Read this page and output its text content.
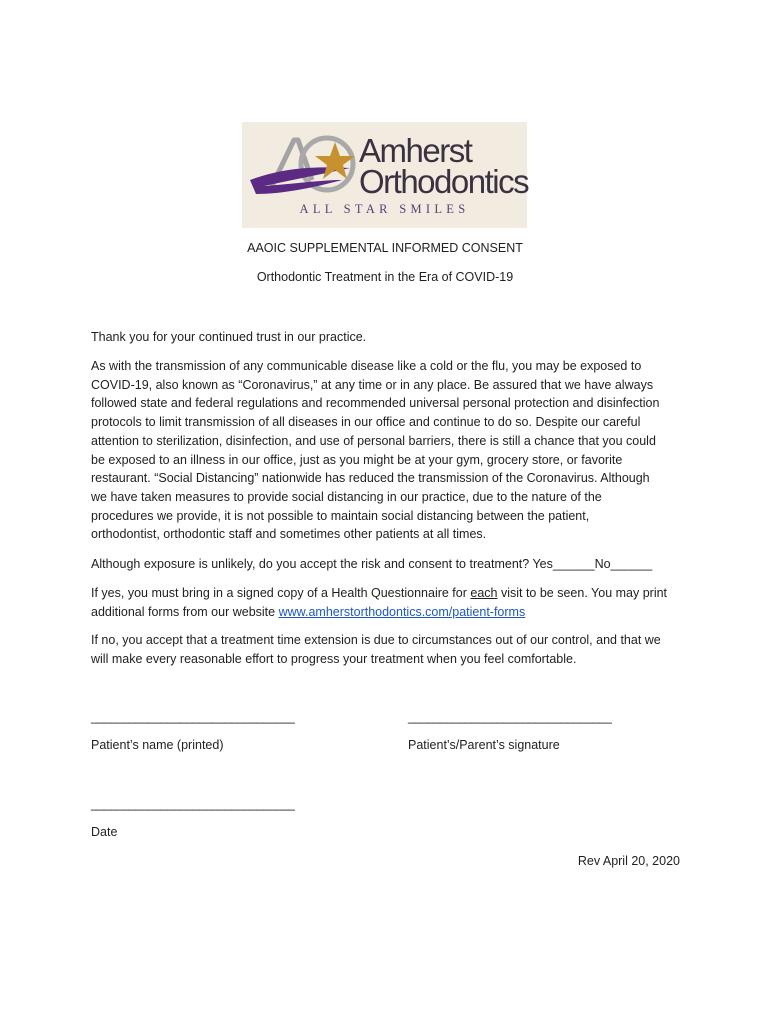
Amherst
Orthodontics
ALL STAR SMILES
AAOIC SUPPLEMENTAL INFORMED CONSENT
Orthodontic Treatment in the Era of COVID-19
Thank you for your continued trust in our practice.
As with the transmission of any communicable disease like a cold or the flu, you may be exposed to
COVID-19, also known as “Coronavirus,” at any time or in any place. Be assured that we have always
followed state and federal regulations and recommended universal personal protection and disinfection
protocols to limit transmission of all diseases in our office and continue to do so. Despite our careful
attention to sterilization, disinfection, and use of personal barriers, there is still a chance that you could
be exposed to an illness in our office, just as you might be at your gym, grocery store, or favorite
restaurant. “Social Distancing” nationwide has reduced the transmission of the Coronavirus. Although
we have taken measures to provide social distancing in our practice, due to the nature of the
procedures we provide, it is not possible to maintain social distancing between the patient,
orthodontist, orthodontic staff and sometimes other patients at all times.
Although exposure is unlikely, do you accept the risk and consent to treatment? Yes______No______
If yes, you must bring in a signed copy of a Health Questionnaire for each visit to be seen. You may print
additional forms from our website www.amherstorthodontics.com/patient-forms
If no, you accept that a treatment time extension is due to circumstances out of our control, and that we
will make every reasonable effort to progress your treatment when you feel comfortable.
________________________________	________________________________
Patient’s name (printed)	Patient’s/Parent’s signature
________________________________
Date
Rev April 20, 2020
